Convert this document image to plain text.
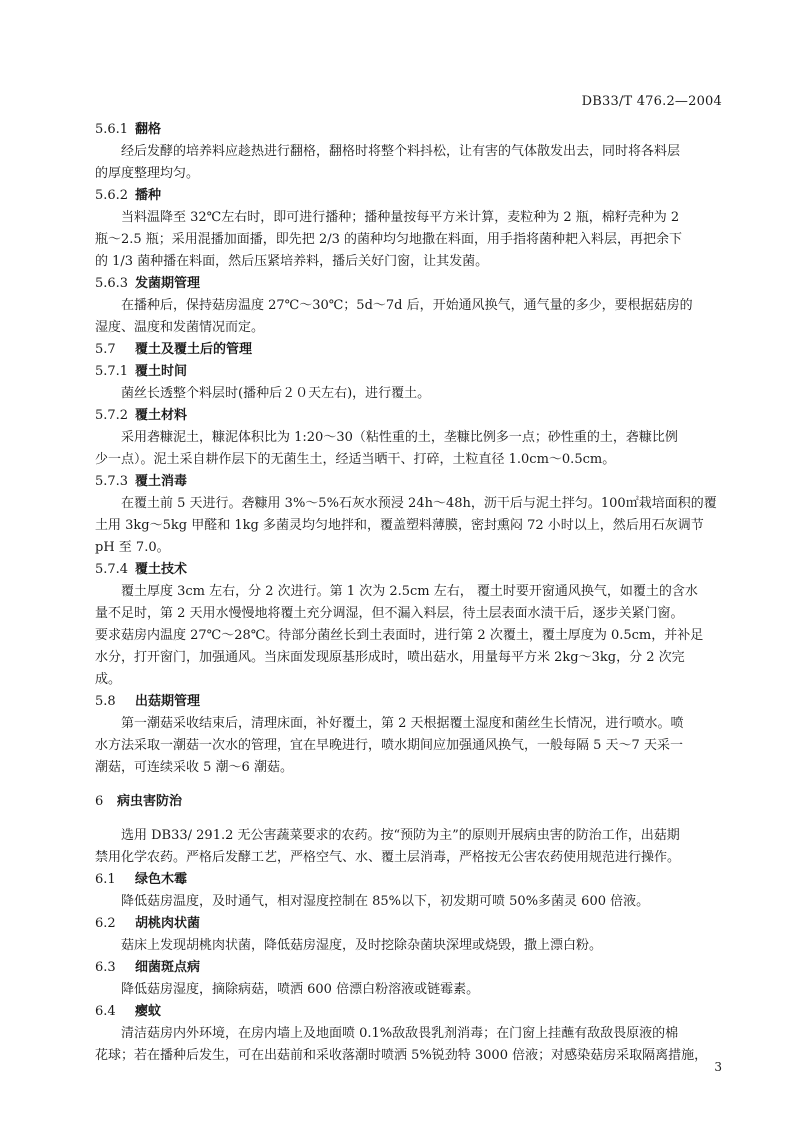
DB33/T 476.2—2004
5.6.1 翻格
经后发酵的培养料应趁热进行翻格，翻格时将整个料抖松，让有害的气体散发出去，同时将各料层
的厚度整理均匀。
5.6.2 播种
当料温降至 32℃左右时，即可进行播种；播种量按每平方米计算，麦粒种为 2 瓶，棉籽壳种为 2
瓶～2.5 瓶；采用混播加面播，即先把 2/3 的菌种均匀地撒在料面，用手指将菌种耙入料层，再把余下
的 1/3 菌种播在料面，然后压紧培养料，播后关好门窗，让其发菌。
5.6.3 发菌期管理
在播种后，保持菇房温度 27℃～30℃；5d～7d 后，开始通风换气，通气量的多少，要根据菇房的
湿度、温度和发菌情况而定。
5.7 覆土及覆土后的管理
5.7.1 覆土时间
菌丝长透整个料层时(播种后２０天左右)，进行覆土。
5.7.2 覆土材料
采用砻糠泥土，糠泥体积比为 1:20～30（粘性重的土，垄糠比例多一点；砂性重的土，砻糠比例
少一点）。泥土采自耕作层下的无菌生土，经适当晒干、打碎，土粒直径 1.0cm～0.5cm。
5.7.3 覆土消毒
在覆土前 5 天进行。砻糠用 3%～5%石灰水预浸 24h～48h，沥干后与泥土拌匀。100㎡栽培面积的覆
土用 3kg～5kg 甲醛和 1kg 多菌灵均匀地拌和，覆盖塑料薄膜，密封熏闷 72 小时以上，然后用石灰调节
pH 至 7.0。
5.7.4 覆土技术
覆土厚度 3cm 左右，分 2 次进行。第 1 次为 2.5cm 左右， 覆土时要开窗通风换气，如覆土的含水
量不足时，第 2 天用水慢慢地将覆土充分调湿，但不漏入料层，待土层表面水渍干后，逐步关紧门窗。
要求菇房内温度 27℃～28℃。待部分菌丝长到土表面时，进行第 2 次覆土，覆土厚度为 0.5cm，并补足
水分，打开窗门，加强通风。当床面发现原基形成时，喷出菇水，用量每平方米 2kg～3kg，分 2 次完
成。
5.8 出菇期管理
第一潮菇采收结束后，清理床面，补好覆土，第 2 天根据覆土湿度和菌丝生长情况，进行喷水。喷
水方法采取一潮菇一次水的管理，宜在早晚进行，喷水期间应加强通风换气，一般每隔 5 天～7 天采一
潮菇，可连续采收 5 潮～6 潮菇。
6 病虫害防治
选用 DB33/ 291.2 无公害蔬菜要求的农药。按“预防为主”的原则开展病虫害的防治工作，出菇期
禁用化学农药。严格后发酵工艺，严格空气、水、覆土层消毒，严格按无公害农药使用规范进行操作。
6.1 绿色木霉
降低菇房温度，及时通气，相对湿度控制在 85%以下，初发期可喷 50%多菌灵 600 倍液。
6.2 胡桃肉状菌
菇床上发现胡桃肉状菌，降低菇房湿度，及时挖除杂菌块深埋或烧毁，撒上漂白粉。
6.3 细菌斑点病
降低菇房湿度，摘除病菇，喷洒 600 倍漂白粉溶液或链霉素。
6.4 瘿蚊
清洁菇房内外环境，在房内墙上及地面喷 0.1%敌敌畏乳剂消毒；在门窗上挂蘸有敌敌畏原液的棉
花球；若在播种后发生，可在出菇前和采收落潮时喷洒 5%锐劲特 3000 倍液；对感染菇房采取隔离措施，
3
